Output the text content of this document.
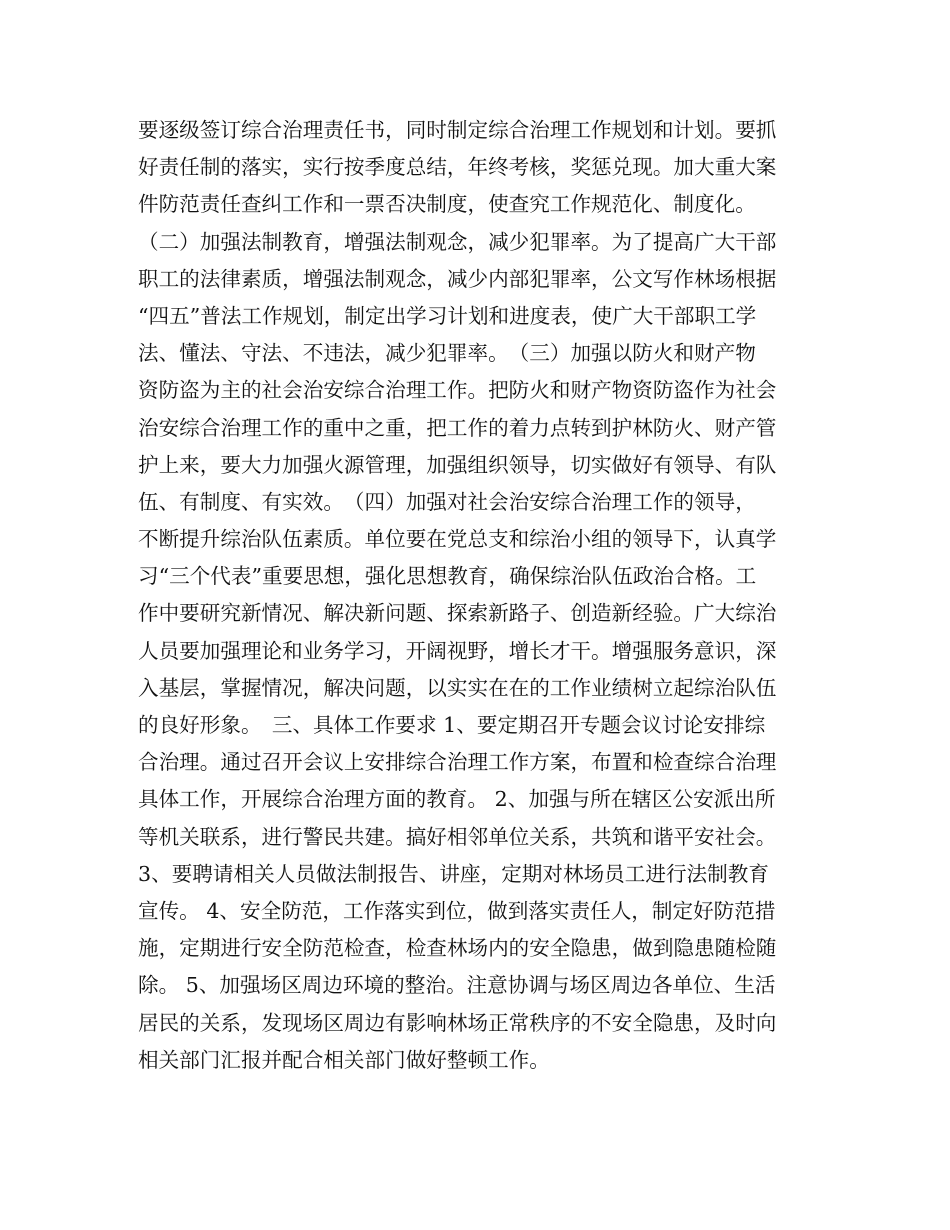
要逐级签订综合治理责任书，同时制定综合治理工作规划和计划。要抓
好责任制的落实，实行按季度总结，年终考核，奖惩兑现。加大重大案
件防范责任查纠工作和一票否决制度，使查究工作规范化、制度化。
（二）加强法制教育，增强法制观念，减少犯罪率。为了提高广大干部
职工的法律素质，增强法制观念，减少内部犯罪率，公文写作林场根据
“四五”普法工作规划，制定出学习计划和进度表，使广大干部职工学
法、懂法、守法、不违法，减少犯罪率。　（三）加强以防火和财产物
资防盗为主的社会治安综合治理工作。把防火和财产物资防盗作为社会
治安综合治理工作的重中之重，把工作的着力点转到护林防火、财产管
护上来，要大力加强火源管理，加强组织领导，切实做好有领导、有队
伍、有制度、有实效。　（四）加强对社会治安综合治理工作的领导，
不断提升综治队伍素质。单位要在党总支和综治小组的领导下，认真学
习“三个代表”重要思想，强化思想教育，确保综治队伍政治合格。工
作中要研究新情况、解决新问题、探索新路子、创造新经验。广大综治
人员要加强理论和业务学习，开阔视野，增长才干。增强服务意识，深
入基层，掌握情况，解决问题，以实实在在的工作业绩树立起综治队伍
的良好形象。　三、具体工作要求 1、要定期召开专题会议讨论安排综
合治理。通过召开会议上安排综合治理工作方案，布置和检查综合治理
具体工作，开展综合治理方面的教育。 2、加强与所在辖区公安派出所
等机关联系，进行警民共建。搞好相邻单位关系，共筑和谐平安社会。
3、要聘请相关人员做法制报告、讲座，定期对林场员工进行法制教育
宣传。 4、安全防范，工作落实到位，做到落实责任人，制定好防范措
施，定期进行安全防范检查，检查林场内的安全隐患，做到隐患随检随
除。 5、加强场区周边环境的整治。注意协调与场区周边各单位、生活
居民的关系，发现场区周边有影响林场正常秩序的不安全隐患，及时向
相关部门汇报并配合相关部门做好整顿工作。
